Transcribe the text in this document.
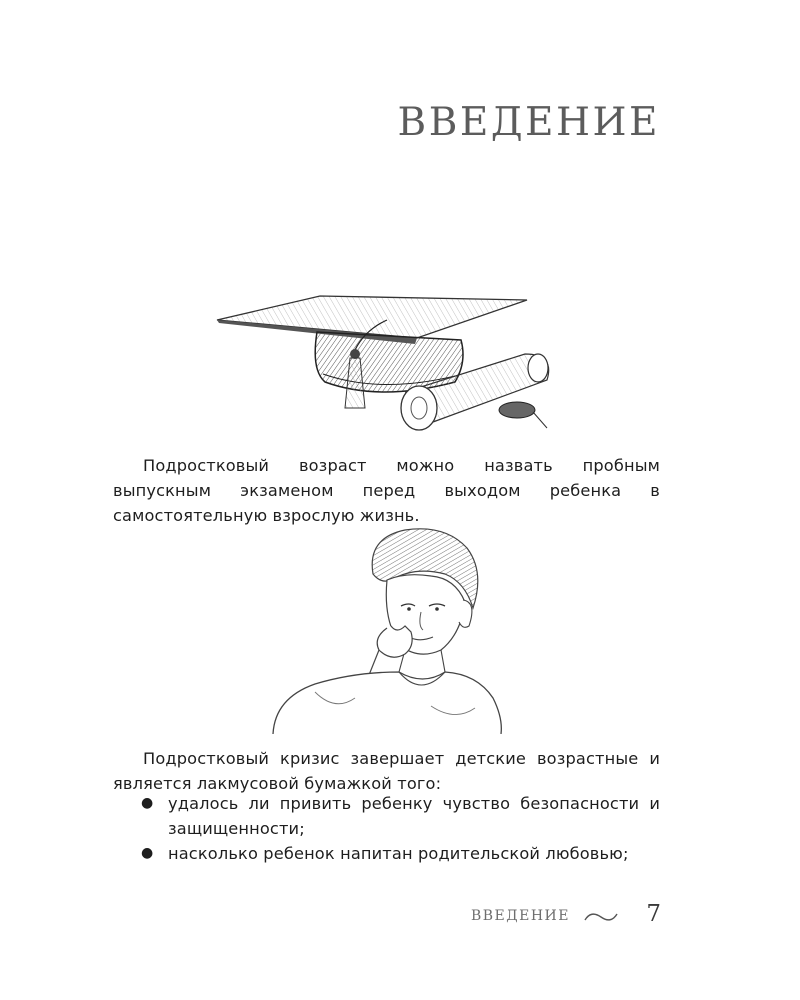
ВВЕДЕНИЕ

Подростковый возраст можно назвать пробным выпускным экзаменом перед выходом ребенка в самостоятельную взрослую жизнь.

Подростковый кризис завершает детские возрастные и является лакмусовой бумажкой того:

● удалось ли привить ребенку чувство безопасности и защищенности;
● насколько ребенок напитан родительской любовью;
ВВЕДЕНИЕ	7
